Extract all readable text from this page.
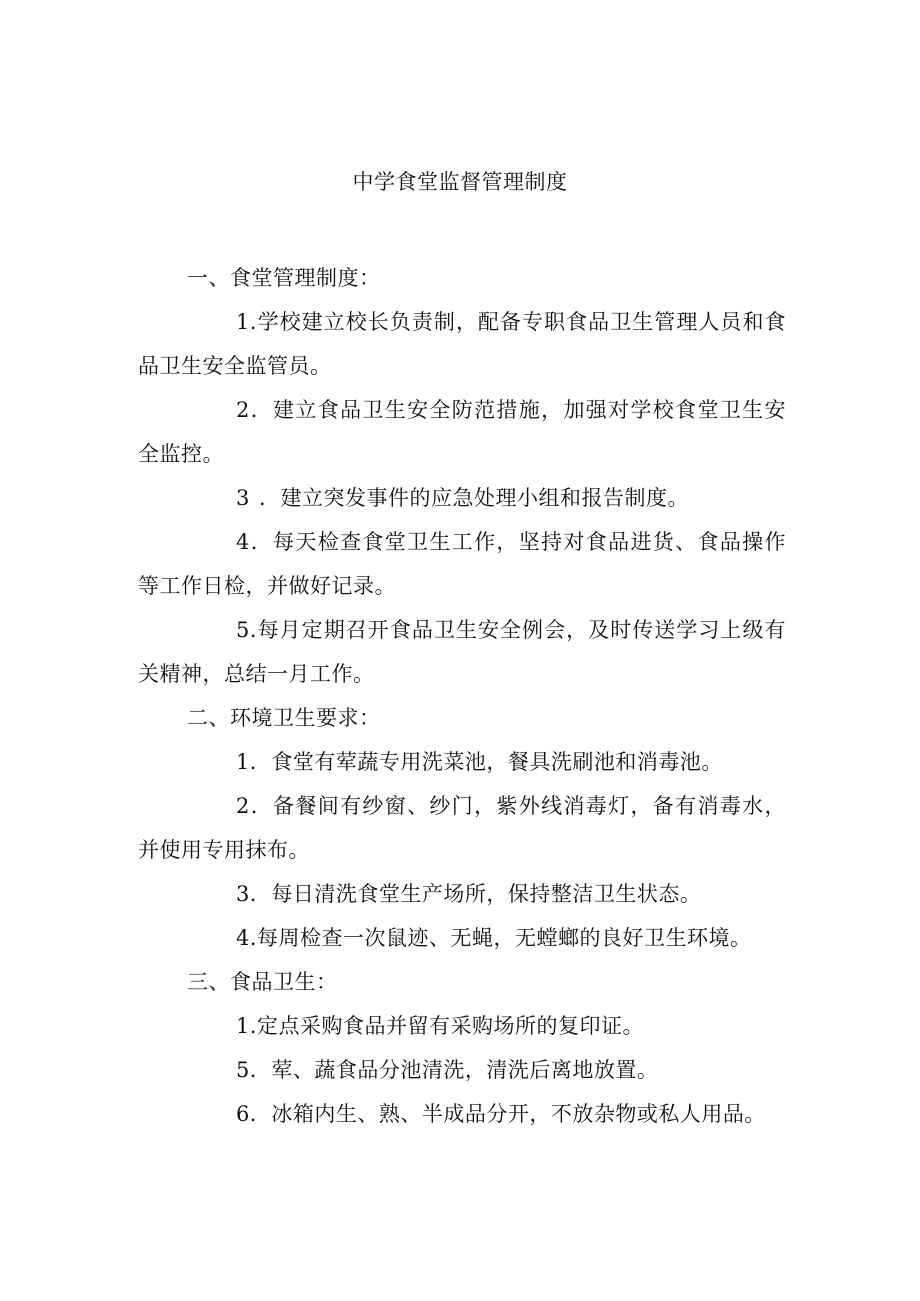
中学食堂监督管理制度

一、食堂管理制度：

1.学校建立校长负责制，配备专职食品卫生管理人员和食品卫生安全监管员。

2．建立食品卫生安全防范措施，加强对学校食堂卫生安全监控。

3 ．建立突发事件的应急处理小组和报告制度。

4．每天检查食堂卫生工作，坚持对食品进货、食品操作等工作日检，并做好记录。

5.每月定期召开食品卫生安全例会，及时传送学习上级有关精神，总结一月工作。

二、环境卫生要求：

1．食堂有荤蔬专用洗菜池，餐具洗刷池和消毒池。

2．备餐间有纱窗、纱门，紫外线消毒灯，备有消毒水，并使用专用抹布。

3．每日清洗食堂生产场所，保持整洁卫生状态。

4.每周检查一次鼠迹、无蝇，无螳螂的良好卫生环境。

三、食品卫生：

1.定点采购食品并留有采购场所的复印证。

5．荤、蔬食品分池清洗，清洗后离地放置。

6．冰箱内生、熟、半成品分开，不放杂物或私人用品。
